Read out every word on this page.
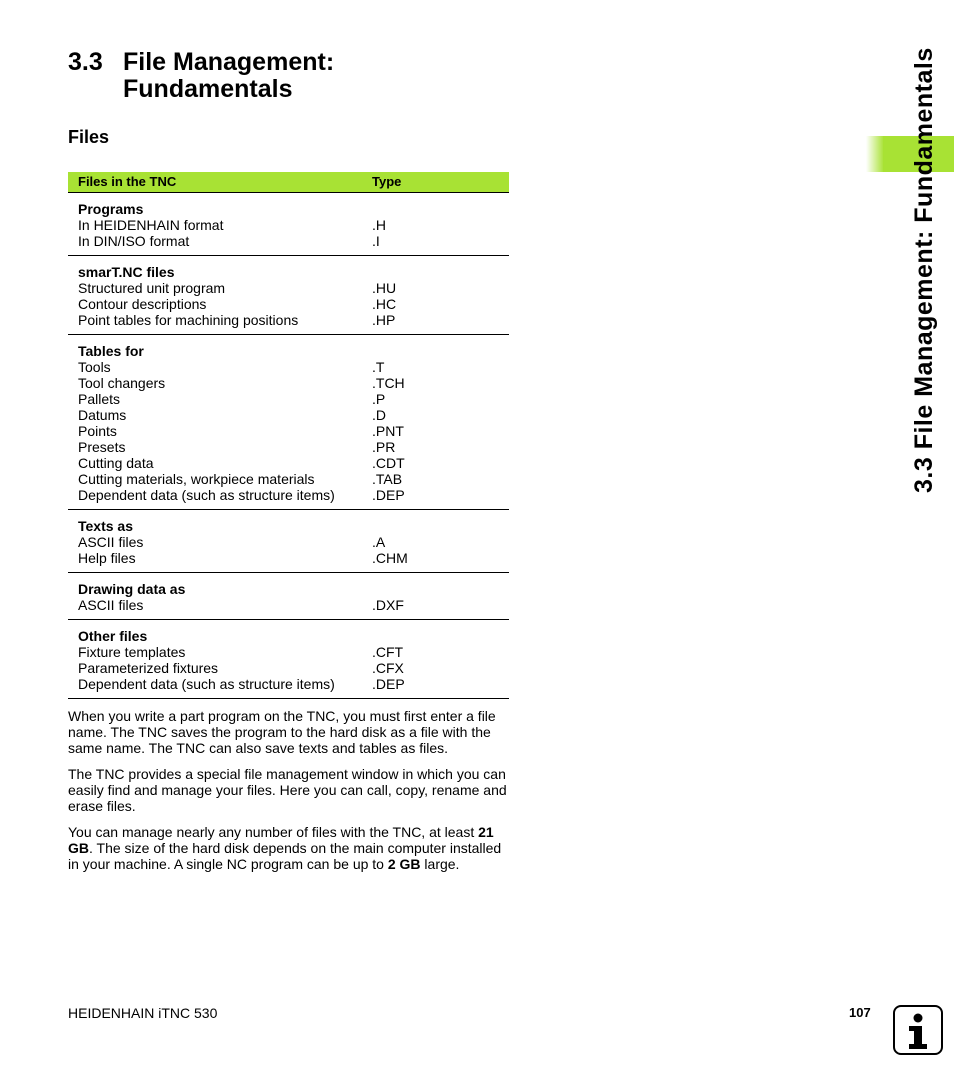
3.3 File Management:
Fundamentals
Files
Files in the TNC	Type
Programs
In HEIDENHAIN format	.H
In DIN/ISO format	.I
smarT.NC files
Structured unit program	.HU
Contour descriptions	.HC
Point tables for machining positions	.HP
Tables for
Tools	.T
Tool changers	.TCH
Pallets	.P
Datums	.D
Points	.PNT
Presets	.PR
Cutting data	.CDT
Cutting materials, workpiece materials	.TAB
Dependent data (such as structure items)	.DEP
Texts as
ASCII files	.A
Help files	.CHM
Drawing data as
ASCII files	.DXF
Other files
Fixture templates	.CFT
Parameterized fixtures	.CFX
Dependent data (such as structure items)	.DEP
When you write a part program on the TNC, you must first enter a file name. The TNC saves the program to the hard disk as a file with the same name. The TNC can also save texts and tables as files.
The TNC provides a special file management window in which you can easily find and manage your files. Here you can call, copy, rename and erase files.
You can manage nearly any number of files with the TNC, at least 21 GB. The size of the hard disk depends on the main computer installed in your machine. A single NC program can be up to 2 GB large.
HEIDENHAIN iTNC 530	107
3.3 File Management: Fundamentals
